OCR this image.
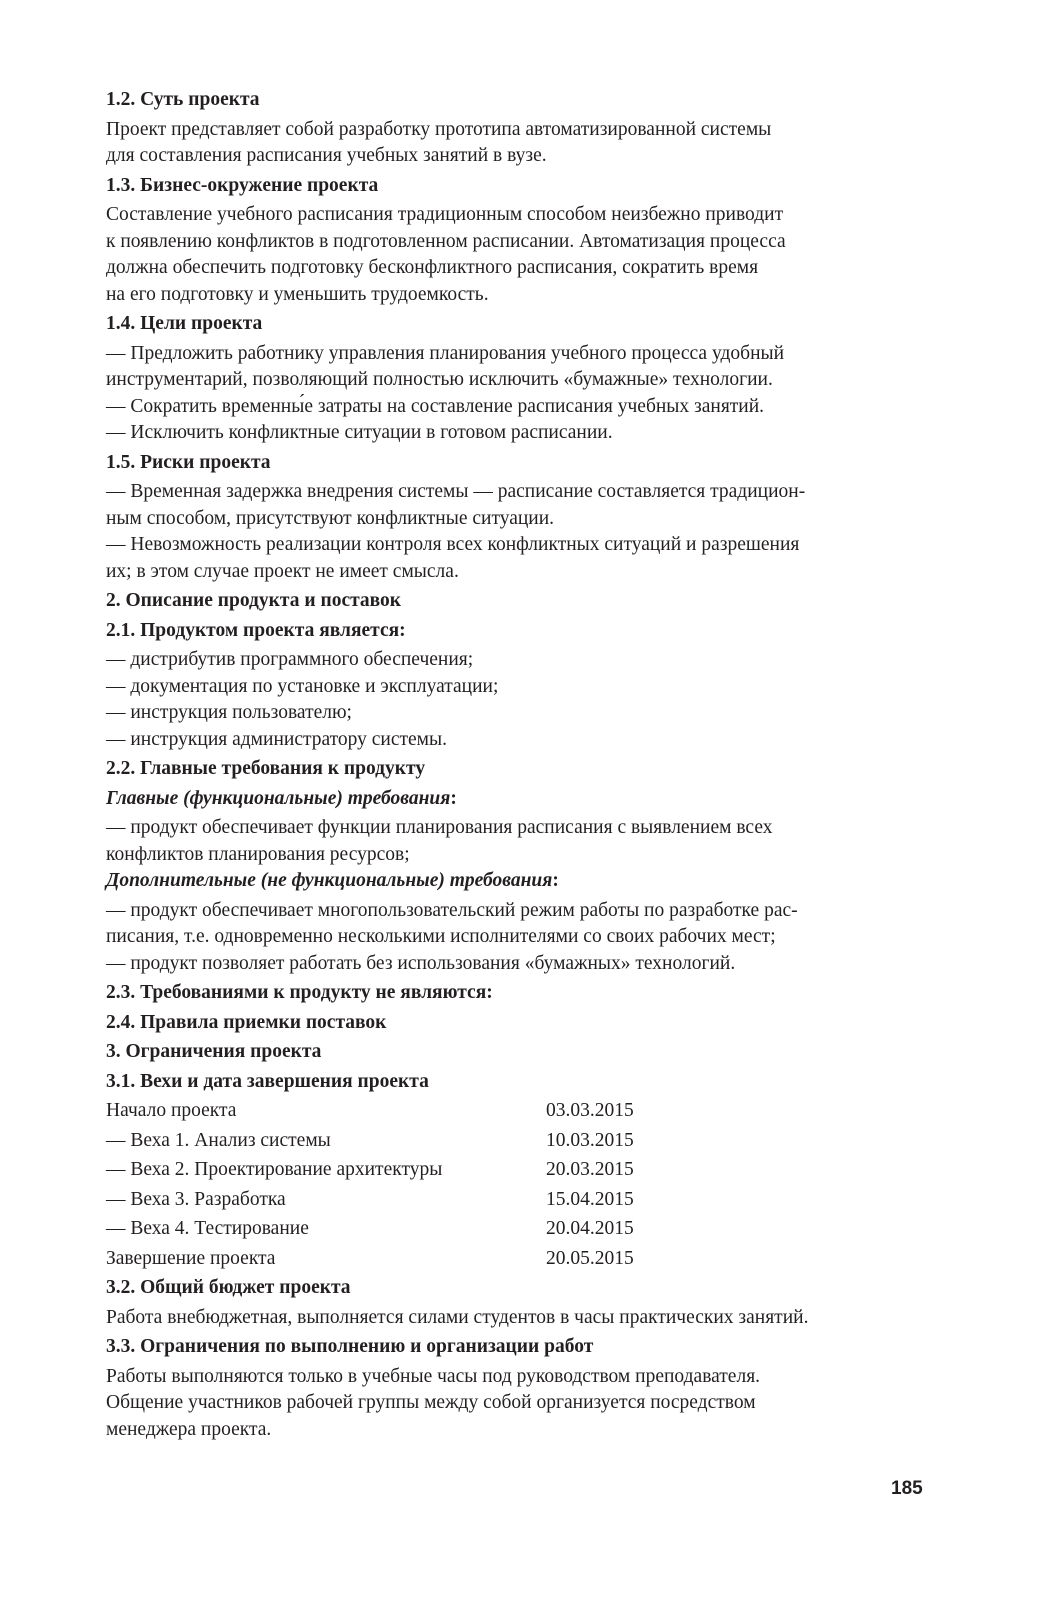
1.2. Суть проекта
Проект представляет собой разработку прототипа автоматизированной системы
для составления расписания учебных занятий в вузе.
1.3. Бизнес-окружение проекта
Составление учебного расписания традиционным способом неизбежно приводит
к появлению конфликтов в подготовленном расписании. Автоматизация процесса
должна обеспечить подготовку бесконфликтного расписания, сократить время
на его подготовку и уменьшить трудоемкость.
1.4. Цели проекта
— Предложить работнику управления планирования учебного процесса удобный
инструментарий, позволяющий полностью исключить «бумажные» технологии.
— Сократить временны́е затраты на составление расписания учебных занятий.
— Исключить конфликтные ситуации в готовом расписании.
1.5. Риски проекта
— Временная задержка внедрения системы — расписание составляется традицион-
ным способом, присутствуют конфликтные ситуации.
— Невозможность реализации контроля всех конфликтных ситуаций и разрешения
их; в этом случае проект не имеет смысла.
2. Описание продукта и поставок
2.1. Продуктом проекта является:
— дистрибутив программного обеспечения;
— документация по установке и эксплуатации;
— инструкция пользователю;
— инструкция администратору системы.
2.2. Главные требования к продукту
Главные (функциональные) требования:
— продукт обеспечивает функции планирования расписания с выявлением всех
конфликтов планирования ресурсов;
Дополнительные (не функциональные) требования:
— продукт обеспечивает многопользовательский режим работы по разработке рас-
писания, т.е. одновременно несколькими исполнителями со своих рабочих мест;
— продукт позволяет работать без использования «бумажных» технологий.
2.3. Требованиями к продукту не являются:
2.4. Правила приемки поставок
3. Ограничения проекта
3.1. Вехи и дата завершения проекта
Начало проекта	03.03.2015
— Веха 1. Анализ системы	10.03.2015
— Веха 2. Проектирование архитектуры	20.03.2015
— Веха 3. Разработка	15.04.2015
— Веха 4. Тестирование	20.04.2015
Завершение проекта	20.05.2015
3.2. Общий бюджет проекта
Работа внебюджетная, выполняется силами студентов в часы практических занятий.
3.3. Ограничения по выполнению и организации работ
Работы выполняются только в учебные часы под руководством преподавателя.
Общение участников рабочей группы между собой организуется посредством
менеджера проекта.
185
